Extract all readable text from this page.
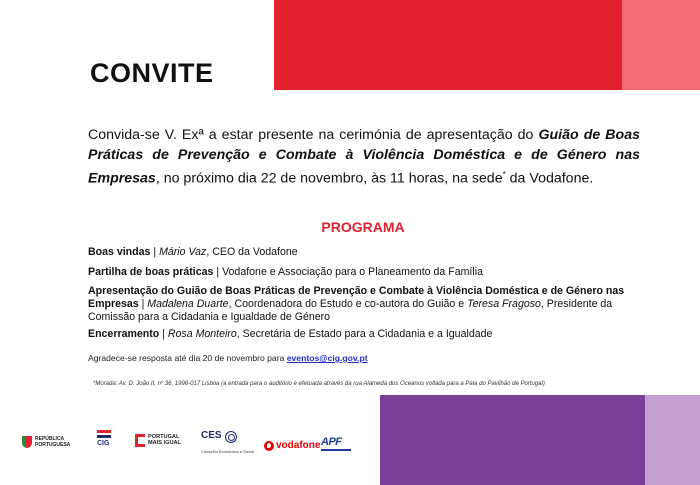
CONVITE

Convida-se V. Exª a estar presente na cerimónia de apresentação do Guião de Boas Práticas de Prevenção e Combate à Violência Doméstica e de Género nas Empresas, no próximo dia 22 de novembro, às 11 horas, na sede* da Vodafone.

PROGRAMA

Boas vindas | Mário Vaz, CEO da Vodafone

Partilha de boas práticas | Vodafone e Associação para o Planeamento da Família

Apresentação do Guião de Boas Práticas de Prevenção e Combate à Violência Doméstica e de Género nas Empresas | Madalena Duarte, Coordenadora do Estudo e co-autora do Guião e Teresa Fragoso, Presidente da Comissão para a Cidadania e Igualdade de Género

Encerramento | Rosa Monteiro, Secretária de Estado para a Cidadania e a Igualdade

Agradece-se resposta até dia 20 de novembro para eventos@cig.gov.pt

*Morada: Av. D. João II, nº 36, 1998-017 Lisboa (a entrada para o auditório é efetuada através da rua Alameda dos Oceanos voltada para a Pala do Pavilhão de Portugal)

REPÚBLICA
PORTUGUESA	CIG
PORTUGAL
MAIS IGUAL
CES
Conselho Económico e Social
vodafone APF
